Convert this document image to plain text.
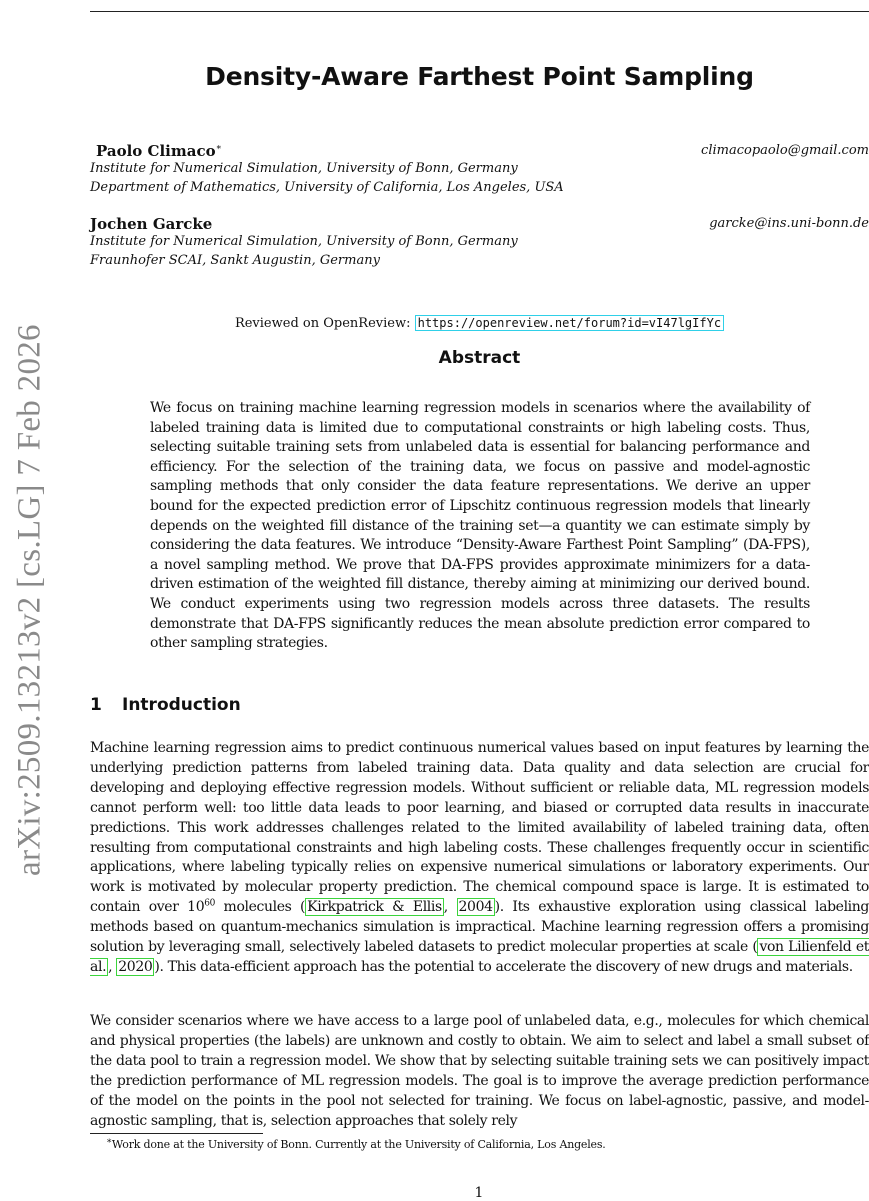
arXiv:2509.13213v2 [cs.LG] 7 Feb 2026
Density-Aware Farthest Point Sampling
Paolo Climaco∗	climacopaolo@gmail.com
Institute for Numerical Simulation, University of Bonn, Germany
Department of Mathematics, University of California, Los Angeles, USA
Jochen Garcke	garcke@ins.uni-bonn.de
Institute for Numerical Simulation, University of Bonn, Germany
Fraunhofer SCAI, Sankt Augustin, Germany
Reviewed on OpenReview: https://openreview.net/forum?id=vI47lgIfYc
Abstract
We focus on training machine learning regression models in scenarios where the availability of labeled training data is limited due to computational constraints or high labeling costs. Thus, selecting suitable training sets from unlabeled data is essential for balancing performance and efficiency. For the selection of the training data, we focus on passive and model-agnostic sampling methods that only consider the data feature representations. We derive an upper bound for the expected prediction error of Lipschitz continuous regression models that linearly depends on the weighted fill distance of the training set—a quantity we can estimate simply by considering the data features. We introduce “Density-Aware Farthest Point Sampling” (DA-FPS), a novel sampling method. We prove that DA-FPS provides approximate minimizers for a data-driven estimation of the weighted fill distance, thereby aiming at minimizing our derived bound. We conduct experiments using two regression models across three datasets. The results demonstrate that DA-FPS significantly reduces the mean absolute prediction error compared to other sampling strategies.
1 Introduction
Machine learning regression aims to predict continuous numerical values based on input features by learning the underlying prediction patterns from labeled training data. Data quality and data selection are crucial for developing and deploying effective regression models. Without sufficient or reliable data, ML regression models cannot perform well: too little data leads to poor learning, and biased or corrupted data results in inaccurate predictions. This work addresses challenges related to the limited availability of labeled training data, often resulting from computational constraints and high labeling costs. These challenges frequently occur in scientific applications, where labeling typically relies on expensive numerical simulations or laboratory experiments. Our work is motivated by molecular property prediction. The chemical compound space is large. It is estimated to contain over $10^{60}$ molecules ( Kirkpatrick & Ellis , 2004 ). Its exhaustive exploration using classical labeling methods based on quantum-mechanics simulation is impractical. Machine learning regression offers a promising solution by leveraging small, selectively labeled datasets to predict molecular properties at scale ( von Lilienfeld et al. , 2020 ). This data-efficient approach has the potential to accelerate the discovery of new drugs and materials.
We consider scenarios where we have access to a large pool of unlabeled data, e.g., molecules for which chemical and physical properties (the labels) are unknown and costly to obtain. We aim to select and label a small subset of the data pool to train a regression model. We show that by selecting suitable training sets we can positively impact the prediction performance of ML regression models. The goal is to improve the average prediction performance of the model on the points in the pool not selected for training. We focus on label-agnostic, passive, and model-agnostic sampling, that is, selection approaches that solely rely
∗Work done at the University of Bonn. Currently at the University of California, Los Angeles.
1
